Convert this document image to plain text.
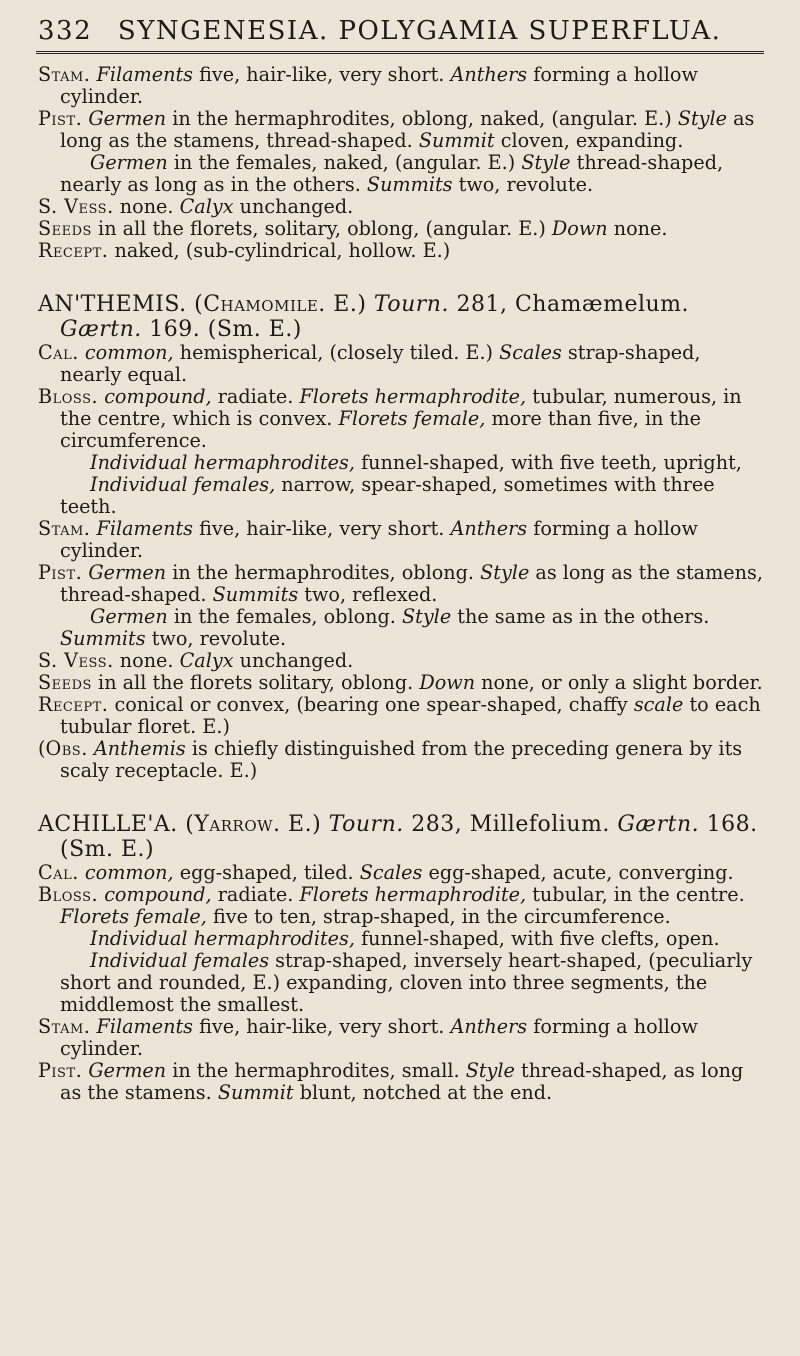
332 SYNGENESIA. POLYGAMIA SUPERFLUA.

Stam. Filaments five, hair-like, very short. Anthers forming a hollow cylinder.

Pist. Germen in the hermaphrodites, oblong, naked, (angular. E.) Style as long as the stamens, thread-shaped. Summit cloven, expanding.

Germen in the females, naked, (angular. E.) Style thread-shaped, nearly as long as in the others. Summits two, revolute.

S. Vess. none. Calyx unchanged.

Seeds in all the florets, solitary, oblong, (angular. E.) Down none.

Recept. naked, (sub-cylindrical, hollow. E.)

AN'THEMIS. (Chamomile. E.) Tourn. 281, Chamæmelum. Gærtn. 169. (Sm. E.)

Cal. common, hemispherical, (closely tiled. E.) Scales strap-shaped, nearly equal.

Bloss. compound, radiate. Florets hermaphrodite, tubular, numerous, in the centre, which is convex. Florets female, more than five, in the circumference.

Individual hermaphrodites, funnel-shaped, with five teeth, upright,

Individual females, narrow, spear-shaped, sometimes with three teeth.

Stam. Filaments five, hair-like, very short. Anthers forming a hollow cylinder.

Pist. Germen in the hermaphrodites, oblong. Style as long as the stamens, thread-shaped. Summits two, reflexed.

Germen in the females, oblong. Style the same as in the others. Summits two, revolute.

S. Vess. none. Calyx unchanged.

Seeds in all the florets solitary, oblong. Down none, or only a slight border.

Recept. conical or convex, (bearing one spear-shaped, chaffy scale to each tubular floret. E.)

(Obs. Anthemis is chiefly distinguished from the preceding genera by its scaly receptacle. E.)

ACHILLE'A. (Yarrow. E.) Tourn. 283, Millefolium. Gærtn. 168. (Sm. E.)

Cal. common, egg-shaped, tiled. Scales egg-shaped, acute, converging.

Bloss. compound, radiate. Florets hermaphrodite, tubular, in the centre. Florets female, five to ten, strap-shaped, in the circumference.

Individual hermaphrodites, funnel-shaped, with five clefts, open.

Individual females strap-shaped, inversely heart-shaped, (peculiarly short and rounded, E.) expanding, cloven into three segments, the middlemost the smallest.

Stam. Filaments five, hair-like, very short. Anthers forming a hollow cylinder.

Pist. Germen in the hermaphrodites, small. Style thread-shaped, as long as the stamens. Summit blunt, notched at the end.
